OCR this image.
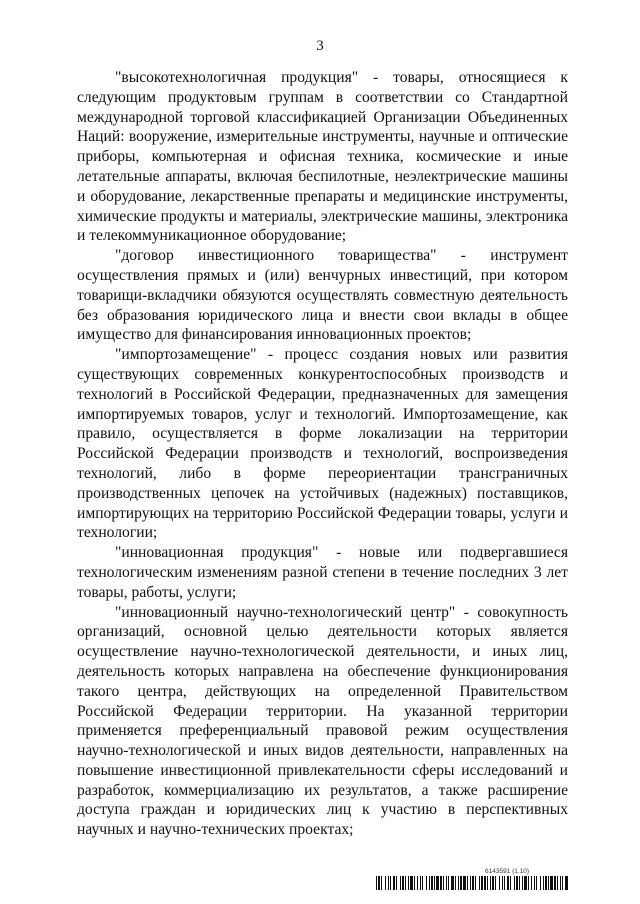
3

"высокотехнологичная продукция" - товары, относящиеся к следующим продуктовым группам в соответствии со Стандартной международной торговой классификацией Организации Объединенных Наций: вооружение, измерительные инструменты, научные и оптические приборы, компьютерная и офисная техника, космические и иные летательные аппараты, включая беспилотные, неэлектрические машины и оборудование, лекарственные препараты и медицинские инструменты, химические продукты и материалы, электрические машины, электроника и телекоммуникационное оборудование;

"договор инвестиционного товарищества" - инструмент осуществления прямых и (или) венчурных инвестиций, при котором товарищи-вкладчики обязуются осуществлять совместную деятельность без образования юридического лица и внести свои вклады в общее имущество для финансирования инновационных проектов;

"импортозамещение" - процесс создания новых или развития существующих современных конкурентоспособных производств и технологий в Российской Федерации, предназначенных для замещения импортируемых товаров, услуг и технологий. Импортозамещение, как правило, осуществляется в форме локализации на территории Российской Федерации производств и технологий, воспроизведения технологий, либо в форме переориентации трансграничных производственных цепочек на устойчивых (надежных) поставщиков, импортирующих на территорию Российской Федерации товары, услуги и технологии;

"инновационная продукция" - новые или подвергавшиеся технологическим изменениям разной степени в течение последних 3 лет товары, работы, услуги;

"инновационный научно-технологический центр" - совокупность организаций, основной целью деятельности которых является осуществление научно-технологической деятельности, и иных лиц, деятельность которых направлена на обеспечение функционирования такого центра, действующих на определенной Правительством Российской Федерации территории. На указанной территории применяется преференциальный правовой режим осуществления научно-технологической и иных видов деятельности, направленных на повышение инвестиционной привлекательности сферы исследований и разработок, коммерциализацию их результатов, а также расширение доступа граждан и юридических лиц к участию в перспективных научных и научно-технических проектах;

6143591 (1.10)
